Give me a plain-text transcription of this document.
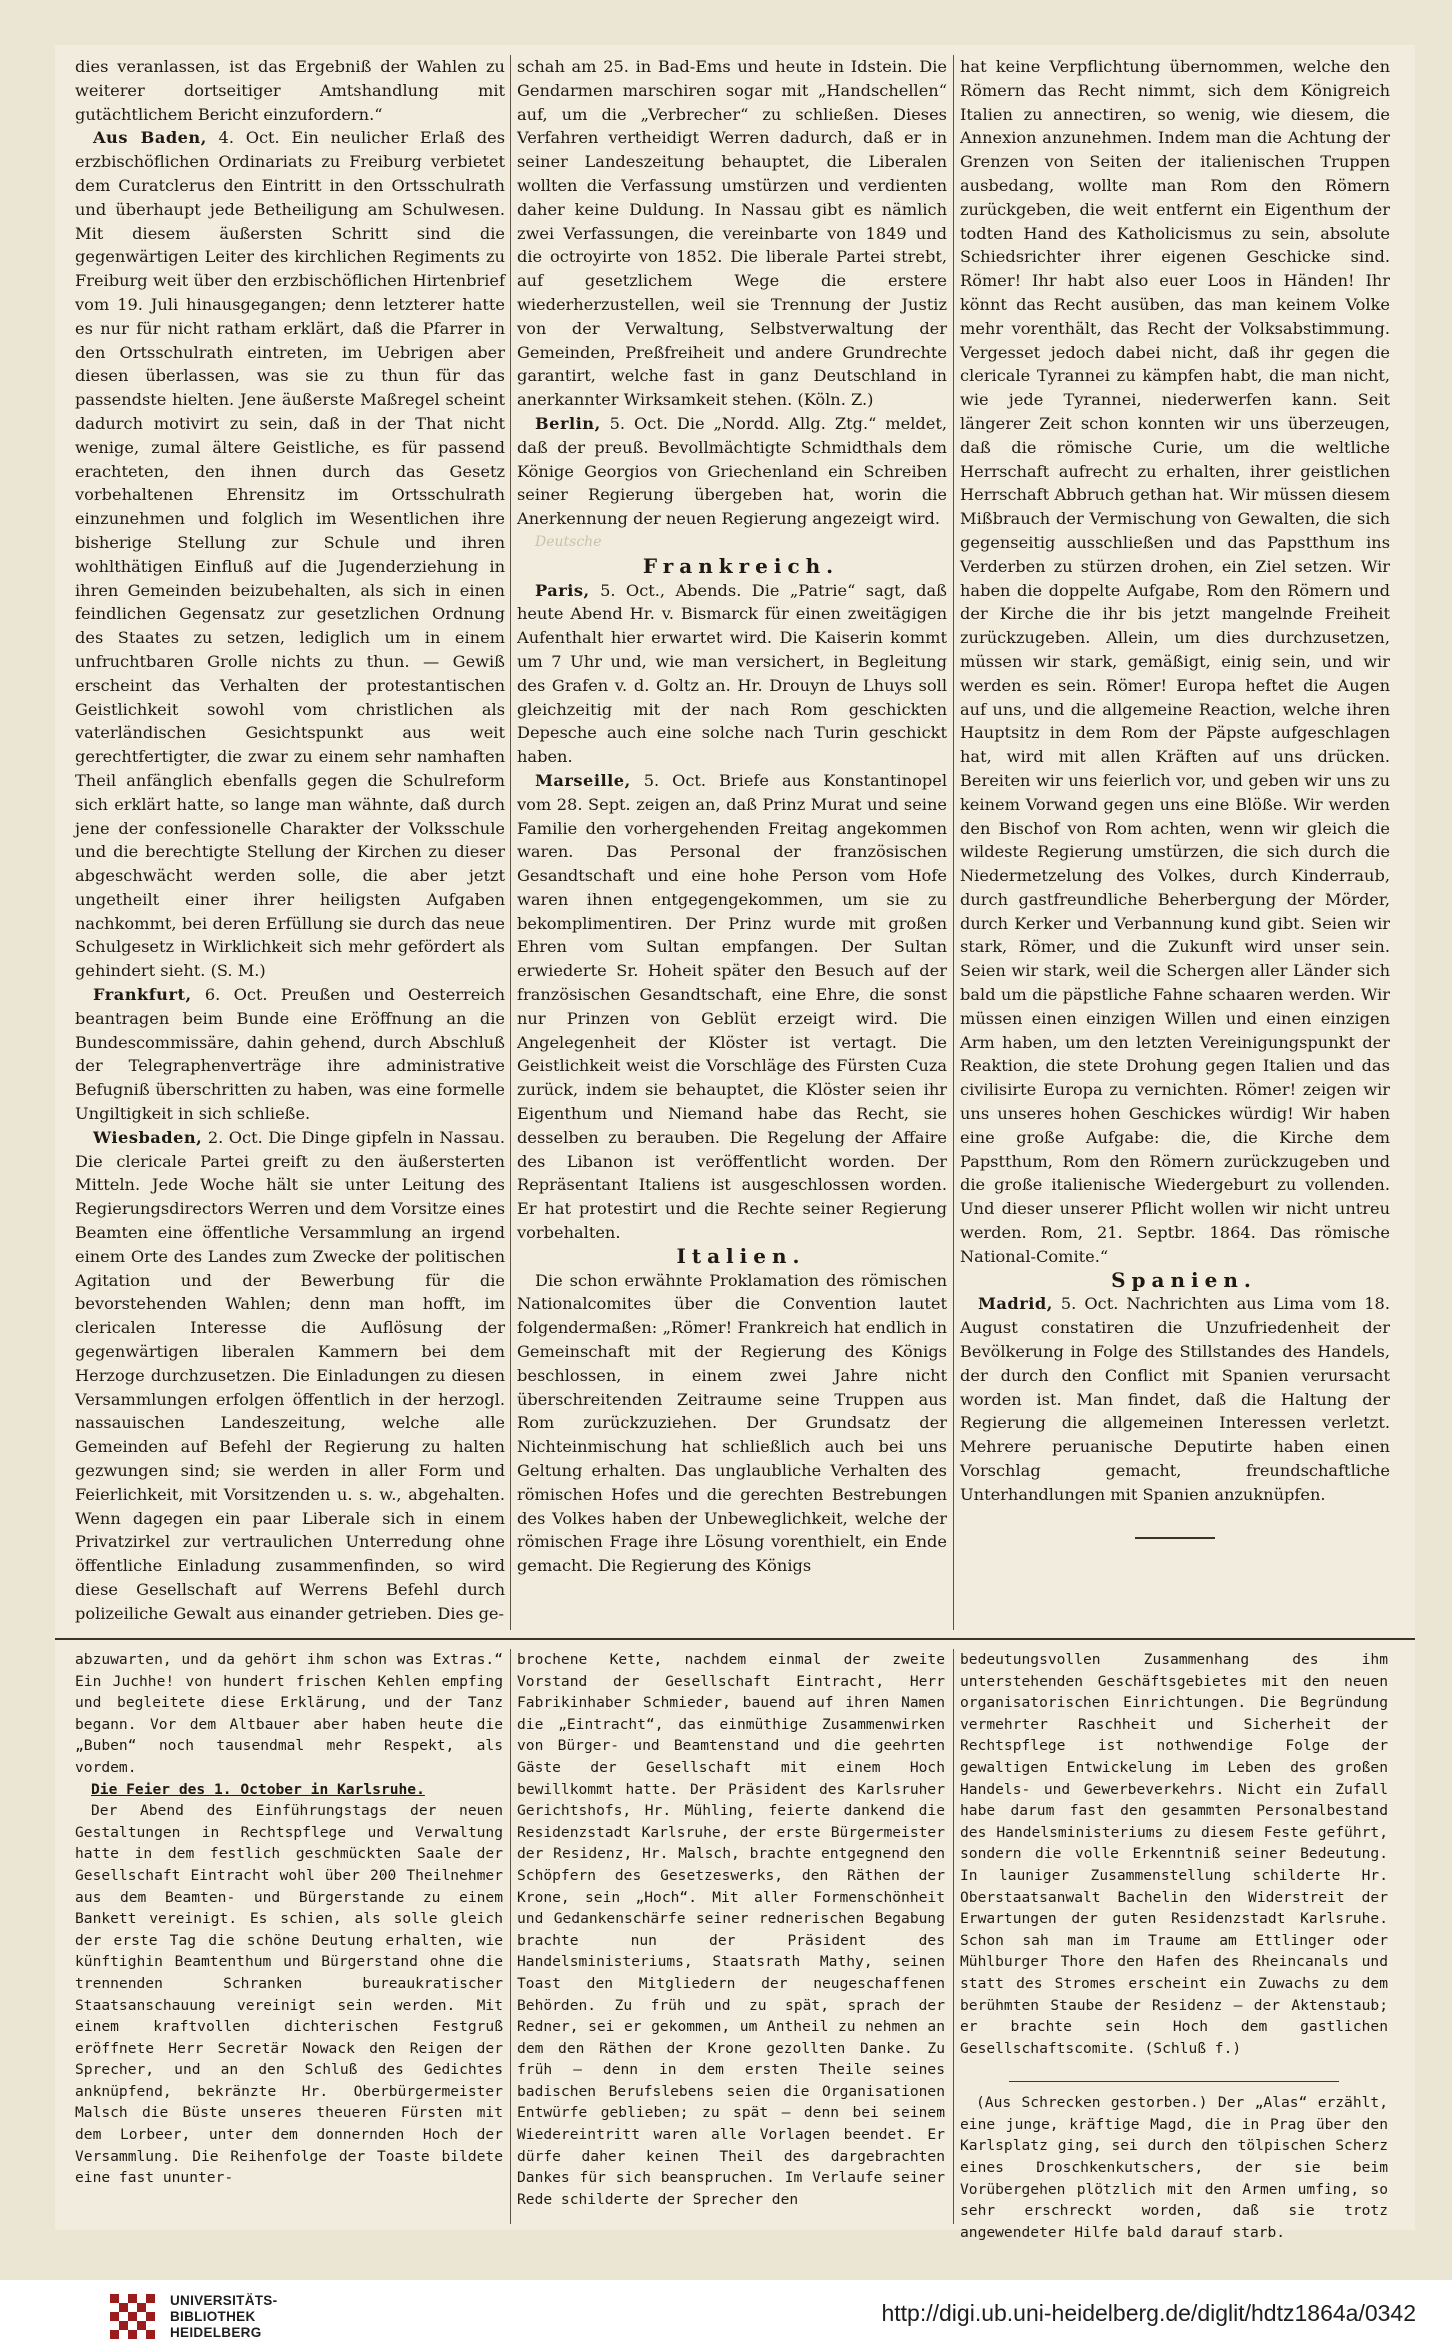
dies veranlassen, ist das Ergebniß der Wahlen zu weiterer dortseitiger Amtshandlung mit gutächtlichem Bericht einzufordern.“

Aus Baden, 4. Oct. Ein neulicher Erlaß des erzbischöflichen Ordinariats zu Freiburg verbietet dem Curatclerus den Eintritt in den Ortsschulrath und überhaupt jede Betheiligung am Schulwesen. Mit diesem äußersten Schritt sind die gegenwärtigen Leiter des kirchlichen Regiments zu Freiburg weit über den erzbischöflichen Hirtenbrief vom 19. Juli hinausgegangen; denn letzterer hatte es nur für nicht ratham erklärt, daß die Pfarrer in den Ortsschulrath eintreten, im Uebrigen aber diesen überlassen, was sie zu thun für das passendste hielten. Jene äußerste Maßregel scheint dadurch motivirt zu sein, daß in der That nicht wenige, zumal ältere Geistliche, es für passend erachteten, den ihnen durch das Gesetz vorbehaltenen Ehrensitz im Ortsschulrath einzunehmen und folglich im Wesentlichen ihre bisherige Stellung zur Schule und ihren wohlthätigen Einfluß auf die Jugenderziehung in ihren Gemeinden beizubehalten, als sich in einen feindlichen Gegensatz zur gesetzlichen Ordnung des Staates zu setzen, lediglich um in einem unfruchtbaren Grolle nichts zu thun. — Gewiß erscheint das Verhalten der protestantischen Geistlichkeit sowohl vom christlichen als vaterländischen Gesichtspunkt aus weit gerechtfertigter, die zwar zu einem sehr namhaften Theil anfänglich ebenfalls gegen die Schulreform sich erklärt hatte, so lange man wähnte, daß durch jene der confessionelle Charakter der Volksschule und die berechtigte Stellung der Kirchen zu dieser abgeschwächt werden solle, die aber jetzt ungetheilt einer ihrer heiligsten Aufgaben nachkommt, bei deren Erfüllung sie durch das neue Schulgesetz in Wirklichkeit sich mehr gefördert als gehindert sieht. (S. M.)

Frankfurt, 6. Oct. Preußen und Oesterreich beantragen beim Bunde eine Eröffnung an die Bundescommissäre, dahin gehend, durch Abschluß der Telegraphenverträge ihre administrative Befugniß überschritten zu haben, was eine formelle Ungiltigkeit in sich schließe.

Wiesbaden, 2. Oct. Die Dinge gipfeln in Nassau. Die clericale Partei greift zu den äußersterten Mitteln. Jede Woche hält sie unter Leitung des Regierungsdirectors Werren und dem Vorsitze eines Beamten eine öffentliche Versammlung an irgend einem Orte des Landes zum Zwecke der politischen Agitation und der Bewerbung für die bevorstehenden Wahlen; denn man hofft, im clericalen Interesse die Auflösung der gegenwärtigen liberalen Kammern bei dem Herzoge durchzusetzen. Die Einladungen zu diesen Versammlungen erfolgen öffentlich in der herzogl. nassauischen Landeszeitung, welche alle Gemeinden auf Befehl der Regierung zu halten gezwungen sind; sie werden in aller Form und Feierlichkeit, mit Vorsitzenden u. s. w., abgehalten. Wenn dagegen ein paar Liberale sich in einem Privatzirkel zur vertraulichen Unterredung ohne öffentliche Einladung zusammenfinden, so wird diese Gesellschaft auf Werrens Befehl durch polizeiliche Gewalt aus einander getrieben. Dies ge-

schah am 25. in Bad-Ems und heute in Idstein. Die Gendarmen marschiren sogar mit „Handschellen“ auf, um die „Verbrecher“ zu schließen. Dieses Verfahren vertheidigt Werren dadurch, daß er in seiner Landeszeitung behauptet, die Liberalen wollten die Verfassung umstürzen und verdienten daher keine Duldung. In Nassau gibt es nämlich zwei Verfassungen, die vereinbarte von 1849 und die octroyirte von 1852. Die liberale Partei strebt, auf gesetzlichem Wege die erstere wiederherzustellen, weil sie Trennung der Justiz von der Verwaltung, Selbstverwaltung der Gemeinden, Preßfreiheit und andere Grundrechte garantirt, welche fast in ganz Deutschland in anerkannter Wirksamkeit stehen. (Köln. Z.)

Berlin, 5. Oct. Die „Nordd. Allg. Ztg.“ meldet, daß der preuß. Bevollmächtigte Schmidthals dem Könige Georgios von Griechenland ein Schreiben seiner Regierung übergeben hat, worin die Anerkennung der neuen Regierung angezeigt wird.

Deutsche

Frankreich.

Paris, 5. Oct., Abends. Die „Patrie“ sagt, daß heute Abend Hr. v. Bismarck für einen zweitägigen Aufenthalt hier erwartet wird. Die Kaiserin kommt um 7 Uhr und, wie man versichert, in Begleitung des Grafen v. d. Goltz an. Hr. Drouyn de Lhuys soll gleichzeitig mit der nach Rom geschickten Depesche auch eine solche nach Turin geschickt haben.

Marseille, 5. Oct. Briefe aus Konstantinopel vom 28. Sept. zeigen an, daß Prinz Murat und seine Familie den vorhergehenden Freitag angekommen waren. Das Personal der französischen Gesandtschaft und eine hohe Person vom Hofe waren ihnen entgegengekommen, um sie zu bekomplimentiren. Der Prinz wurde mit großen Ehren vom Sultan empfangen. Der Sultan erwiederte Sr. Hoheit später den Besuch auf der französischen Gesandtschaft, eine Ehre, die sonst nur Prinzen von Geblüt erzeigt wird. Die Angelegenheit der Klöster ist vertagt. Die Geistlichkeit weist die Vorschläge des Fürsten Cuza zurück, indem sie behauptet, die Klöster seien ihr Eigenthum und Niemand habe das Recht, sie desselben zu berauben. Die Regelung der Affaire des Libanon ist veröffentlicht worden. Der Repräsentant Italiens ist ausgeschlossen worden. Er hat protestirt und die Rechte seiner Regierung vorbehalten.

Italien.

Die schon erwähnte Proklamation des römischen Nationalcomites über die Convention lautet folgendermaßen: „Römer! Frankreich hat endlich in Gemeinschaft mit der Regierung des Königs beschlossen, in einem zwei Jahre nicht überschreitenden Zeitraume seine Truppen aus Rom zurückzuziehen. Der Grundsatz der Nichteinmischung hat schließlich auch bei uns Geltung erhalten. Das unglaubliche Verhalten des römischen Hofes und die gerechten Bestrebungen des Volkes haben der Unbeweglichkeit, welche der römischen Frage ihre Lösung vorenthielt, ein Ende gemacht. Die Regierung des Königs

hat keine Verpflichtung übernommen, welche den Römern das Recht nimmt, sich dem Königreich Italien zu annectiren, so wenig, wie diesem, die Annexion anzunehmen. Indem man die Achtung der Grenzen von Seiten der italienischen Truppen ausbedang, wollte man Rom den Römern zurückgeben, die weit entfernt ein Eigenthum der todten Hand des Katholicismus zu sein, absolute Schiedsrichter ihrer eigenen Geschicke sind. Römer! Ihr habt also euer Loos in Händen! Ihr könnt das Recht ausüben, das man keinem Volke mehr vorenthält, das Recht der Volksabstimmung. Vergesset jedoch dabei nicht, daß ihr gegen die clericale Tyrannei zu kämpfen habt, die man nicht, wie jede Tyrannei, niederwerfen kann. Seit längerer Zeit schon konnten wir uns überzeugen, daß die römische Curie, um die weltliche Herrschaft aufrecht zu erhalten, ihrer geistlichen Herrschaft Abbruch gethan hat. Wir müssen diesem Mißbrauch der Vermischung von Gewalten, die sich gegenseitig ausschließen und das Papstthum ins Verderben zu stürzen drohen, ein Ziel setzen. Wir haben die doppelte Aufgabe, Rom den Römern und der Kirche die ihr bis jetzt mangelnde Freiheit zurückzugeben. Allein, um dies durchzusetzen, müssen wir stark, gemäßigt, einig sein, und wir werden es sein. Römer! Europa heftet die Augen auf uns, und die allgemeine Reaction, welche ihren Hauptsitz in dem Rom der Päpste aufgeschlagen hat, wird mit allen Kräften auf uns drücken. Bereiten wir uns feierlich vor, und geben wir uns zu keinem Vorwand gegen uns eine Blöße. Wir werden den Bischof von Rom achten, wenn wir gleich die wildeste Regierung umstürzen, die sich durch die Niedermetzelung des Volkes, durch Kinderraub, durch gastfreundliche Beherbergung der Mörder, durch Kerker und Verbannung kund gibt. Seien wir stark, Römer, und die Zukunft wird unser sein. Seien wir stark, weil die Schergen aller Länder sich bald um die päpstliche Fahne schaaren werden. Wir müssen einen einzigen Willen und einen einzigen Arm haben, um den letzten Vereinigungspunkt der Reaktion, die stete Drohung gegen Italien und das civilisirte Europa zu vernichten. Römer! zeigen wir uns unseres hohen Geschickes würdig! Wir haben eine große Aufgabe: die, die Kirche dem Papstthum, Rom den Römern zurückzugeben und die große italienische Wiedergeburt zu vollenden. Und dieser unserer Pflicht wollen wir nicht untreu werden. Rom, 21. Septbr. 1864. Das römische National-Comite.“

Spanien.

Madrid, 5. Oct. Nachrichten aus Lima vom 18. August constatiren die Unzufriedenheit der Bevölkerung in Folge des Stillstandes des Handels, der durch den Conflict mit Spanien verursacht worden ist. Man findet, daß die Haltung der Regierung die allgemeinen Interessen verletzt. Mehrere peruanische Deputirte haben einen Vorschlag gemacht, freundschaftliche Unterhandlungen mit Spanien anzuknüpfen.

abzuwarten, und da gehört ihm schon was Extras.“ Ein Juchhe! von hundert frischen Kehlen empfing und begleitete diese Erklärung, und der Tanz begann. Vor dem Altbauer aber haben heute die „Buben“ noch tausendmal mehr Respekt, als vordem.

Die Feier des 1. October in Karlsruhe.

Der Abend des Einführungstags der neuen Gestaltungen in Rechtspflege und Verwaltung hatte in dem festlich geschmückten Saale der Gesellschaft Eintracht wohl über 200 Theilnehmer aus dem Beamten- und Bürgerstande zu einem Bankett vereinigt. Es schien, als solle gleich der erste Tag die schöne Deutung erhalten, wie künftighin Beamtenthum und Bürgerstand ohne die trennenden Schranken bureaukratischer Staatsanschauung vereinigt sein werden. Mit einem kraftvollen dichterischen Festgruß eröffnete Herr Secretär Nowack den Reigen der Sprecher, und an den Schluß des Gedichtes anknüpfend, bekränzte Hr. Oberbürgermeister Malsch die Büste unseres theueren Fürsten mit dem Lorbeer, unter dem donnernden Hoch der Versammlung. Die Reihenfolge der Toaste bildete eine fast ununter-

brochene Kette, nachdem einmal der zweite Vorstand der Gesellschaft Eintracht, Herr Fabrikinhaber Schmieder, bauend auf ihren Namen die „Eintracht“, das einmüthige Zusammenwirken von Bürger- und Beamtenstand und die geehrten Gäste der Gesellschaft mit einem Hoch bewillkommt hatte. Der Präsident des Karlsruher Gerichtshofs, Hr. Mühling, feierte dankend die Residenzstadt Karlsruhe, der erste Bürgermeister der Residenz, Hr. Malsch, brachte entgegnend den Schöpfern des Gesetzeswerks, den Räthen der Krone, sein „Hoch“. Mit aller Formenschönheit und Gedankenschärfe seiner rednerischen Begabung brachte nun der Präsident des Handelsministeriums, Staatsrath Mathy, seinen Toast den Mitgliedern der neugeschaffenen Behörden. Zu früh und zu spät, sprach der Redner, sei er gekommen, um Antheil zu nehmen an dem den Räthen der Krone gezollten Danke. Zu früh — denn in dem ersten Theile seines badischen Berufslebens seien die Organisationen Entwürfe geblieben; zu spät — denn bei seinem Wiedereintritt waren alle Vorlagen beendet. Er dürfe daher keinen Theil des dargebrachten Dankes für sich beanspruchen. Im Verlaufe seiner Rede schilderte der Sprecher den

bedeutungsvollen Zusammenhang des ihm unterstehenden Geschäftsgebietes mit den neuen organisatorischen Einrichtungen. Die Begründung vermehrter Raschheit und Sicherheit der Rechtspflege ist nothwendige Folge der gewaltigen Entwickelung im Leben des großen Handels- und Gewerbeverkehrs. Nicht ein Zufall habe darum fast den gesammten Personalbestand des Handelsministeriums zu diesem Feste geführt, sondern die volle Erkenntniß seiner Bedeutung. In launiger Zusammenstellung schilderte Hr. Oberstaatsanwalt Bachelin den Widerstreit der Erwartungen der guten Residenzstadt Karlsruhe. Schon sah man im Traume am Ettlinger oder Mühlburger Thore den Hafen des Rheincanals und statt des Stromes erscheint ein Zuwachs zu dem berühmten Staube der Residenz — der Aktenstaub; er brachte sein Hoch dem gastlichen Gesellschaftscomite. (Schluß f.)

(Aus Schrecken gestorben.) Der „Alas“ erzählt, eine junge, kräftige Magd, die in Prag über den Karlsplatz ging, sei durch den tölpischen Scherz eines Droschkenkutschers, der sie beim Vorübergehen plötzlich mit den Armen umfing, so sehr erschreckt worden, daß sie trotz angewendeter Hilfe bald darauf starb.

UNIVERSITÄTS-
BIBLIOTHEK
HEIDELBERG
http://digi.ub.uni-heidelberg.de/diglit/hdtz1864a/0342
